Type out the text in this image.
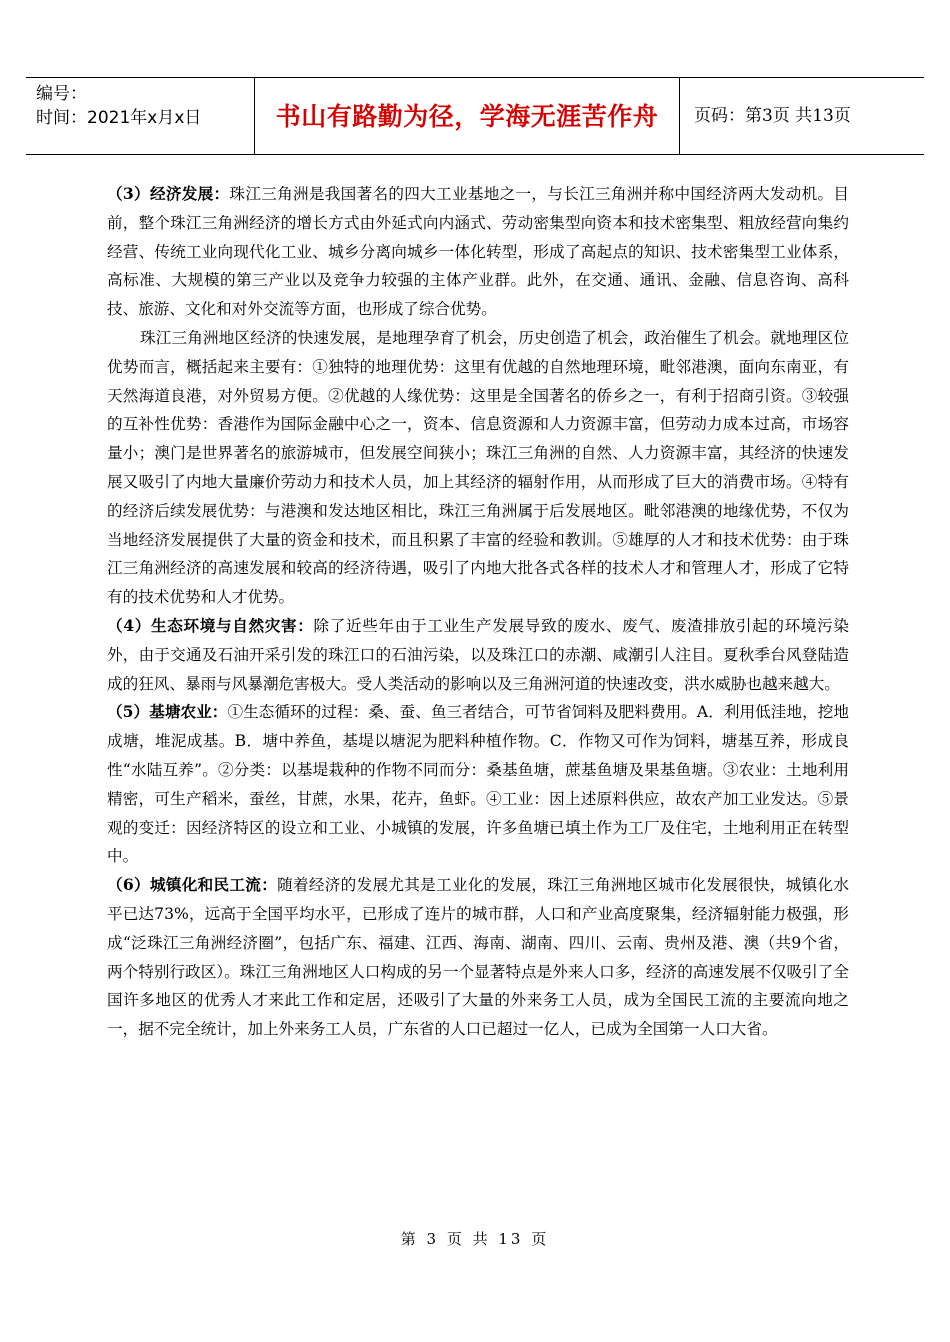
编号：
时间：2021年x月x日	书山有路勤为径，学海无涯苦作舟	页码：第3页 共13页

（3）经济发展：珠江三角洲是我国著名的四大工业基地之一，与长江三角洲并称中国经济两大发动机。目前，整个珠江三角洲经济的增长方式由外延式向内涵式、劳动密集型向资本和技术密集型、粗放经营向集约经营、传统工业向现代化工业、城乡分离向城乡一体化转型，形成了高起点的知识、技术密集型工业体系，高标准、大规模的第三产业以及竞争力较强的主体产业群。此外，在交通、通讯、金融、信息咨询、高科技、旅游、文化和对外交流等方面，也形成了综合优势。

珠江三角洲地区经济的快速发展，是地理孕育了机会，历史创造了机会，政治催生了机会。就地理区位优势而言，概括起来主要有：①独特的地理优势：这里有优越的自然地理环境，毗邻港澳，面向东南亚，有天然海道良港，对外贸易方便。②优越的人缘优势：这里是全国著名的侨乡之一，有利于招商引资。③较强的互补性优势：香港作为国际金融中心之一，资本、信息资源和人力资源丰富，但劳动力成本过高，市场容量小；澳门是世界著名的旅游城市，但发展空间狭小；珠江三角洲的自然、人力资源丰富，其经济的快速发展又吸引了内地大量廉价劳动力和技术人员，加上其经济的辐射作用，从而形成了巨大的消费市场。④特有的经济后续发展优势：与港澳和发达地区相比，珠江三角洲属于后发展地区。毗邻港澳的地缘优势，不仅为当地经济发展提供了大量的资金和技术，而且积累了丰富的经验和教训。⑤雄厚的人才和技术优势：由于珠江三角洲经济的高速发展和较高的经济待遇，吸引了内地大批各式各样的技术人才和管理人才，形成了它特有的技术优势和人才优势。

（4）生态环境与自然灾害：除了近些年由于工业生产发展导致的废水、废气、废渣排放引起的环境污染外，由于交通及石油开采引发的珠江口的石油污染，以及珠江口的赤潮、咸潮引人注目。夏秋季台风登陆造成的狂风、暴雨与风暴潮危害极大。受人类活动的影响以及三角洲河道的快速改变，洪水威胁也越来越大。

（5）基塘农业：①生态循环的过程：桑、蚕、鱼三者结合，可节省饲料及肥料费用。A．利用低洼地，挖地成塘，堆泥成基。B．塘中养鱼，基堤以塘泥为肥料种植作物。C．作物又可作为饲料，塘基互养，形成良性“水陆互养”。②分类：以基堤栽种的作物不同而分：桑基鱼塘，蔗基鱼塘及果基鱼塘。③农业：土地利用精密，可生产稻米，蚕丝，甘蔗，水果，花卉，鱼虾。④工业：因上述原料供应，故农产加工业发达。⑤景观的变迁：因经济特区的设立和工业、小城镇的发展，许多鱼塘已填土作为工厂及住宅，土地利用正在转型中。

（6）城镇化和民工流：随着经济的发展尤其是工业化的发展，珠江三角洲地区城市化发展很快，城镇化水平已达73%，远高于全国平均水平，已形成了连片的城市群，人口和产业高度聚集，经济辐射能力极强，形成“泛珠江三角洲经济圈”，包括广东、福建、江西、海南、湖南、四川、云南、贵州及港、澳（共9个省，两个特别行政区）。珠江三角洲地区人口构成的另一个显著特点是外来人口多，经济的高速发展不仅吸引了全国许多地区的优秀人才来此工作和定居，还吸引了大量的外来务工人员，成为全国民工流的主要流向地之一，据不完全统计，加上外来务工人员，广东省的人口已超过一亿人，已成为全国第一人口大省。

第 3 页 共 13 页
